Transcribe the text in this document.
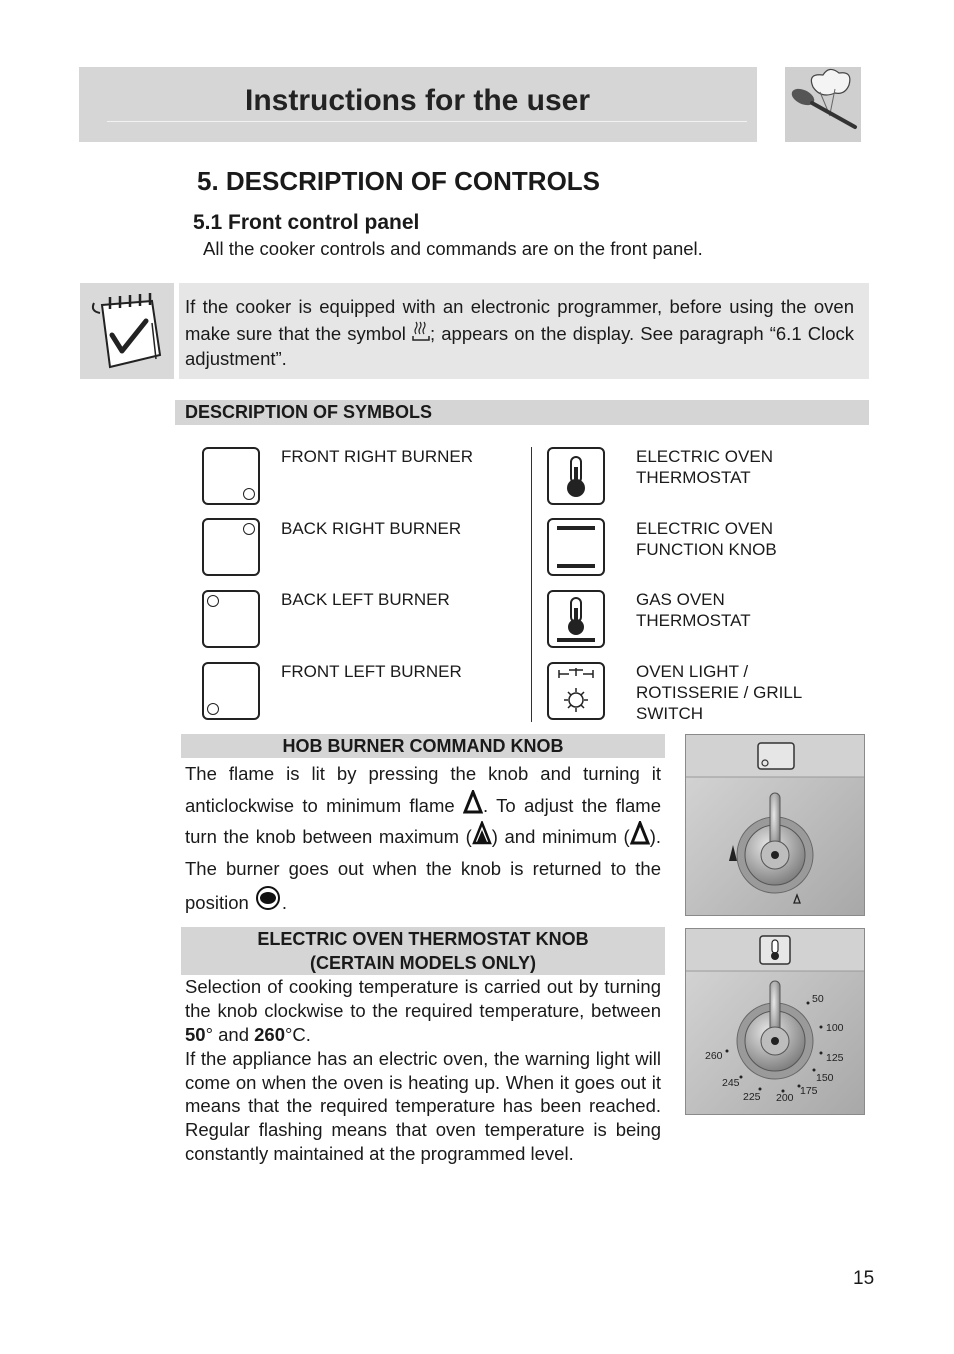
Instructions for the user
5. DESCRIPTION OF CONTROLS
5.1 Front control panel
All the cooker controls and commands are on the front panel.
If the cooker is equipped with an electronic programmer, before using the oven make sure that the symbol ; appears on the display. See paragraph “6.1 Clock adjustment”.
DESCRIPTION OF SYMBOLS
FRONT RIGHT BURNER
BACK RIGHT BURNER
BACK LEFT BURNER
FRONT LEFT BURNER
ELECTRIC OVEN
THERMOSTAT
ELECTRIC OVEN
FUNCTION KNOB
GAS OVEN
THERMOSTAT
OVEN LIGHT /
ROTISSERIE / GRILL
SWITCH
HOB BURNER COMMAND KNOB
The flame is lit by pressing the knob and turning it anticlockwise to minimum flame . To adjust the flame turn the knob between maximum ( ) and minimum ( ). The burner goes out when the knob is returned to the position .
ELECTRIC OVEN THERMOSTAT KNOB
(CERTAIN MODELS ONLY)
Selection of cooking temperature is carried out by turning the knob clockwise to the required temperature, between 50° and 260°C.
If the appliance has an electric oven, the warning light will come on when the oven is heating up. When it goes out it means that the required temperature has been reached. Regular flashing means that oven temperature is being constantly maintained at the programmed level.
50
100
125
150
175
200
225
245
260
15
